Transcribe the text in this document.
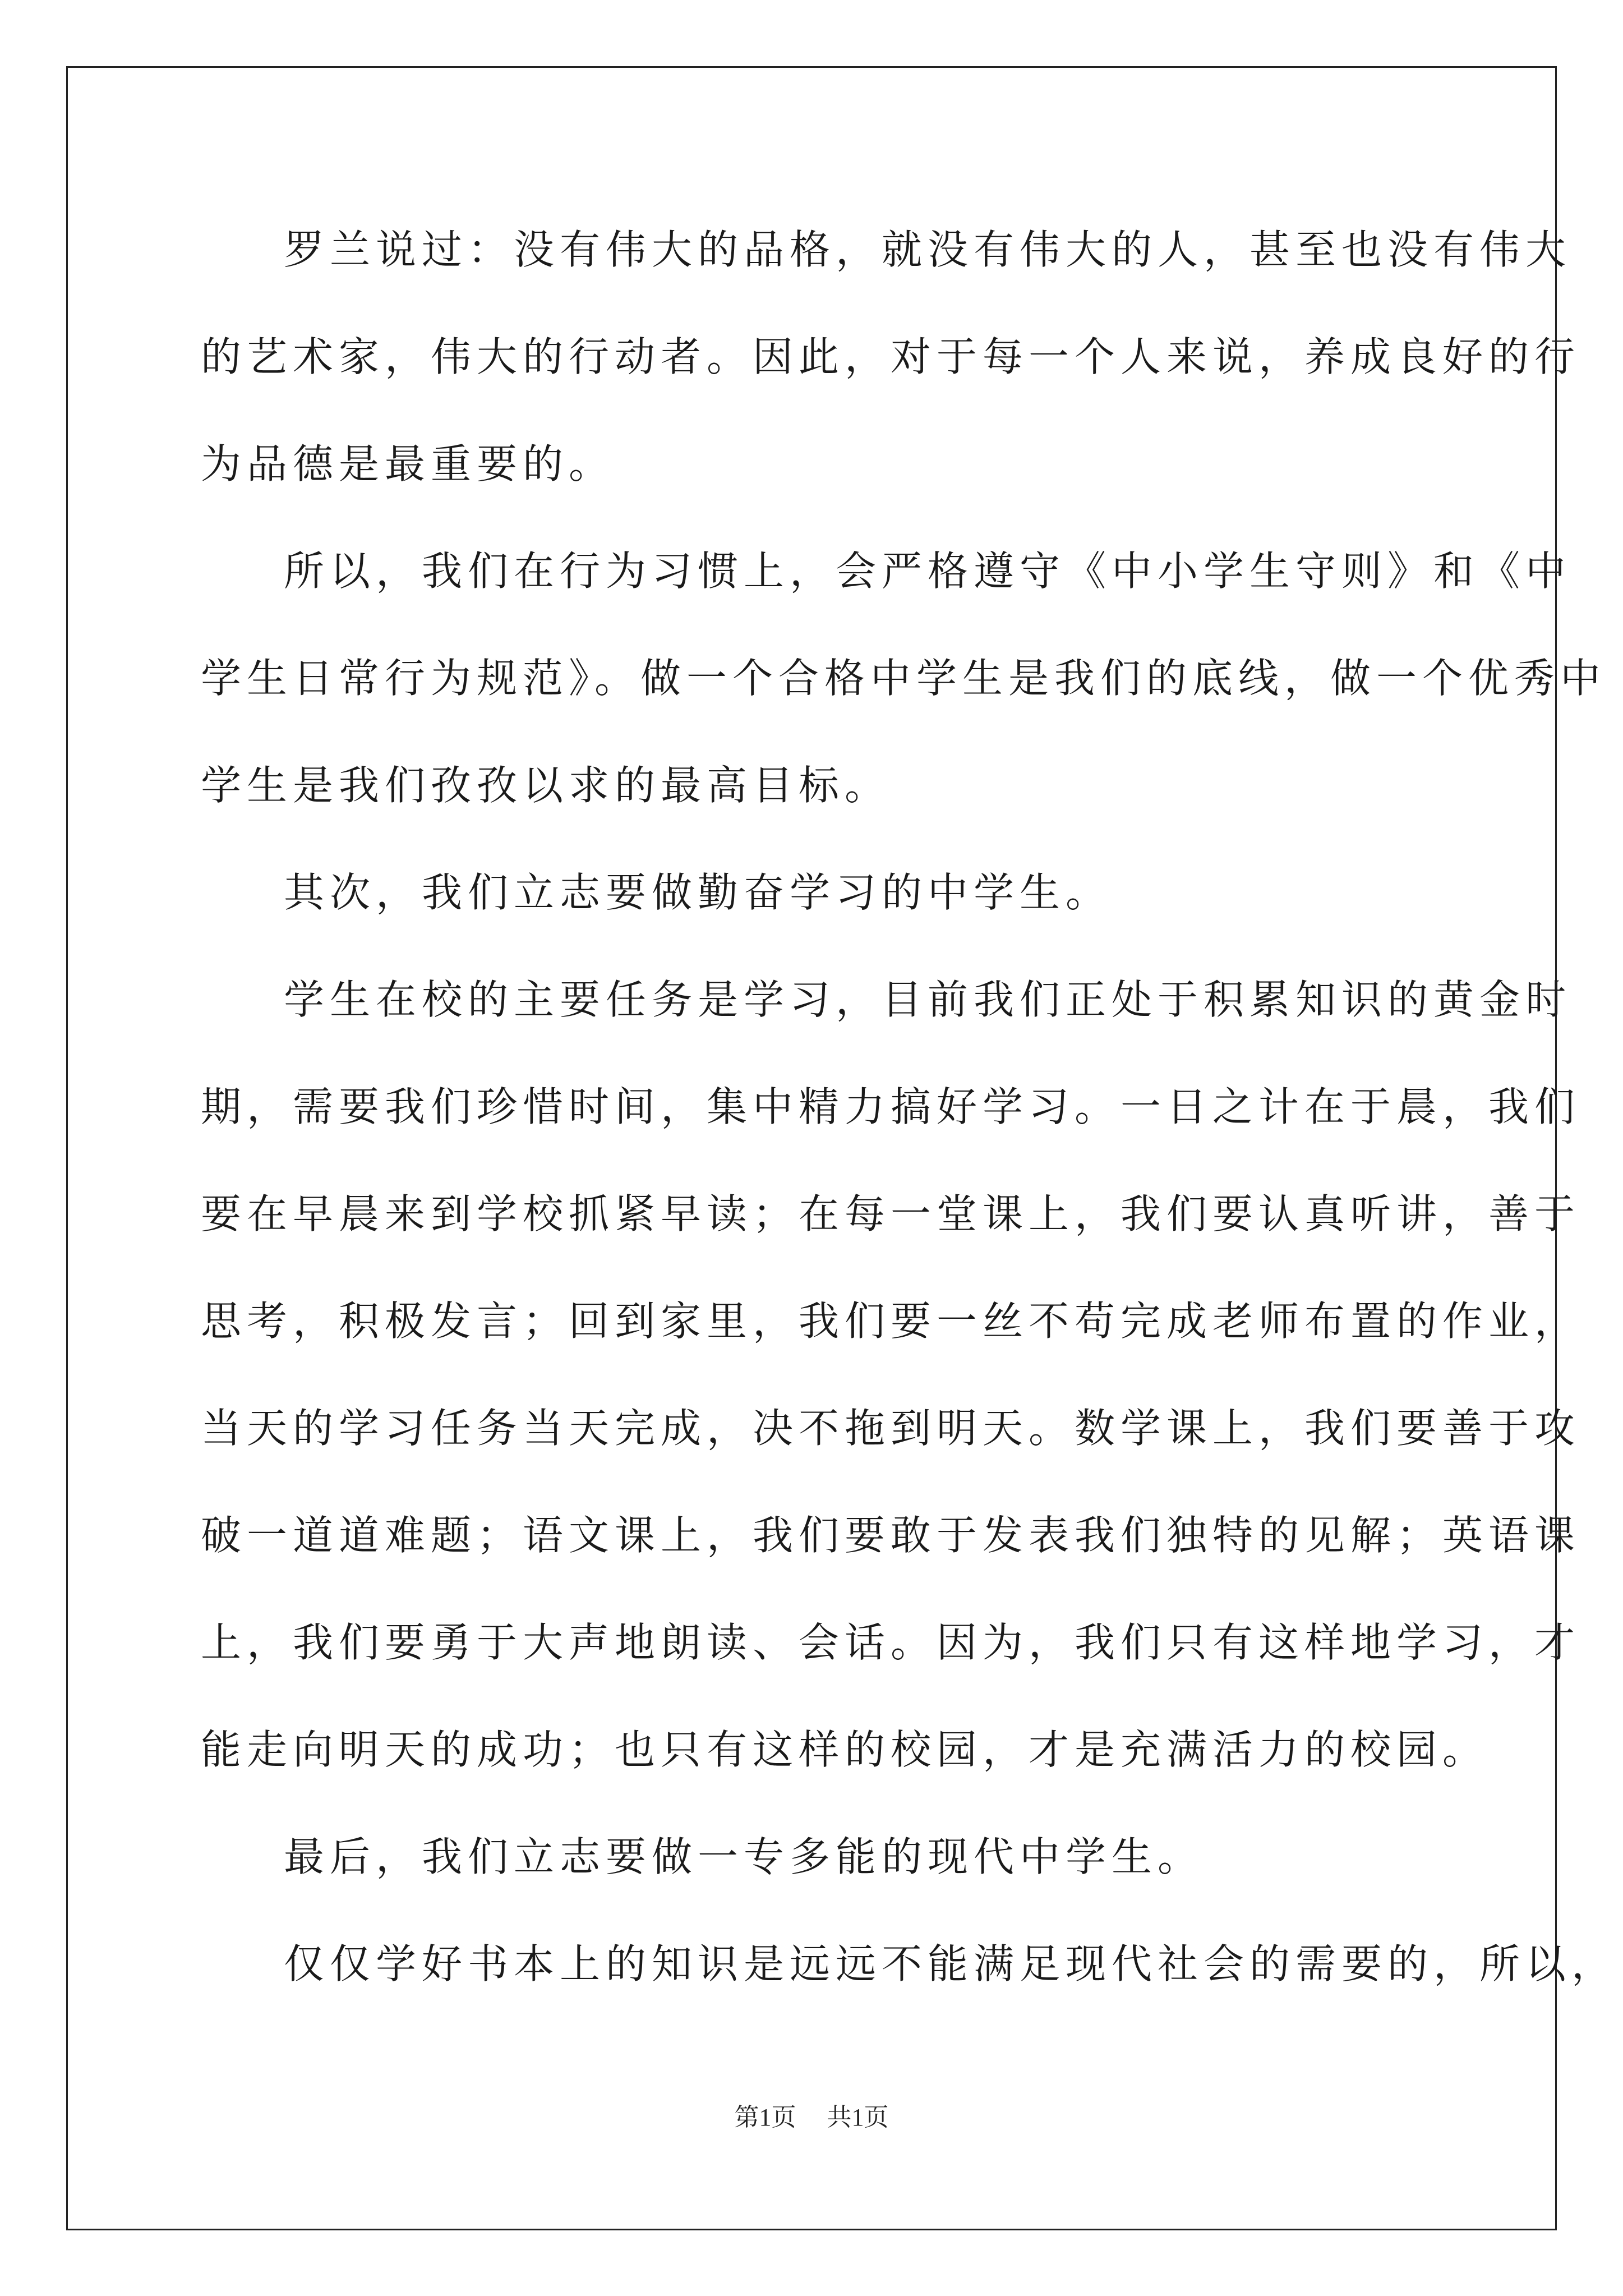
罗兰说过：没有伟大的品格，就没有伟大的人，甚至也没有伟大
的艺术家，伟大的行动者。因此，对于每一个人来说，养成良好的行
为品德是最重要的。
所以，我们在行为习惯上，会严格遵守《中小学生守则》和《中
学生日常行为规范》。做一个合格中学生是我们的底线，做一个优秀中
学生是我们孜孜以求的最高目标。
其次，我们立志要做勤奋学习的中学生。
学生在校的主要任务是学习，目前我们正处于积累知识的黄金时
期，需要我们珍惜时间，集中精力搞好学习。一日之计在于晨，我们
要在早晨来到学校抓紧早读；在每一堂课上，我们要认真听讲，善于
思考，积极发言；回到家里，我们要一丝不苟完成老师布置的作业，
当天的学习任务当天完成，决不拖到明天。数学课上，我们要善于攻
破一道道难题；语文课上，我们要敢于发表我们独特的见解；英语课
上，我们要勇于大声地朗读、会话。因为，我们只有这样地学习，才
能走向明天的成功；也只有这样的校园，才是充满活力的校园。
最后，我们立志要做一专多能的现代中学生。
仅仅学好书本上的知识是远远不能满足现代社会的需要的，所以，
第1页 共1页
